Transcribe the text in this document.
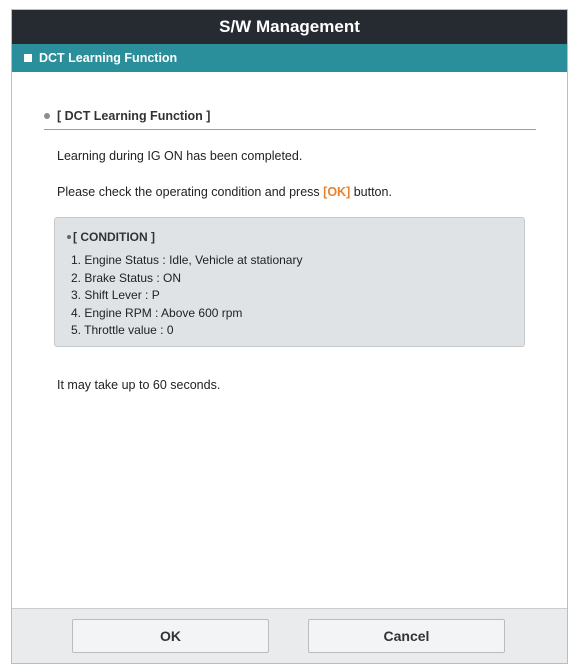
S/W Management
DCT Learning Function
[ DCT Learning Function ]
Learning during IG ON has been completed.
Please check the operating condition and press [OK] button.
[ CONDITION ]
1. Engine Status : Idle, Vehicle at stationary
2. Brake Status : ON
3. Shift Lever : P
4. Engine RPM : Above 600 rpm
5. Throttle value : 0
It may take up to 60 seconds.
OK	Cancel
